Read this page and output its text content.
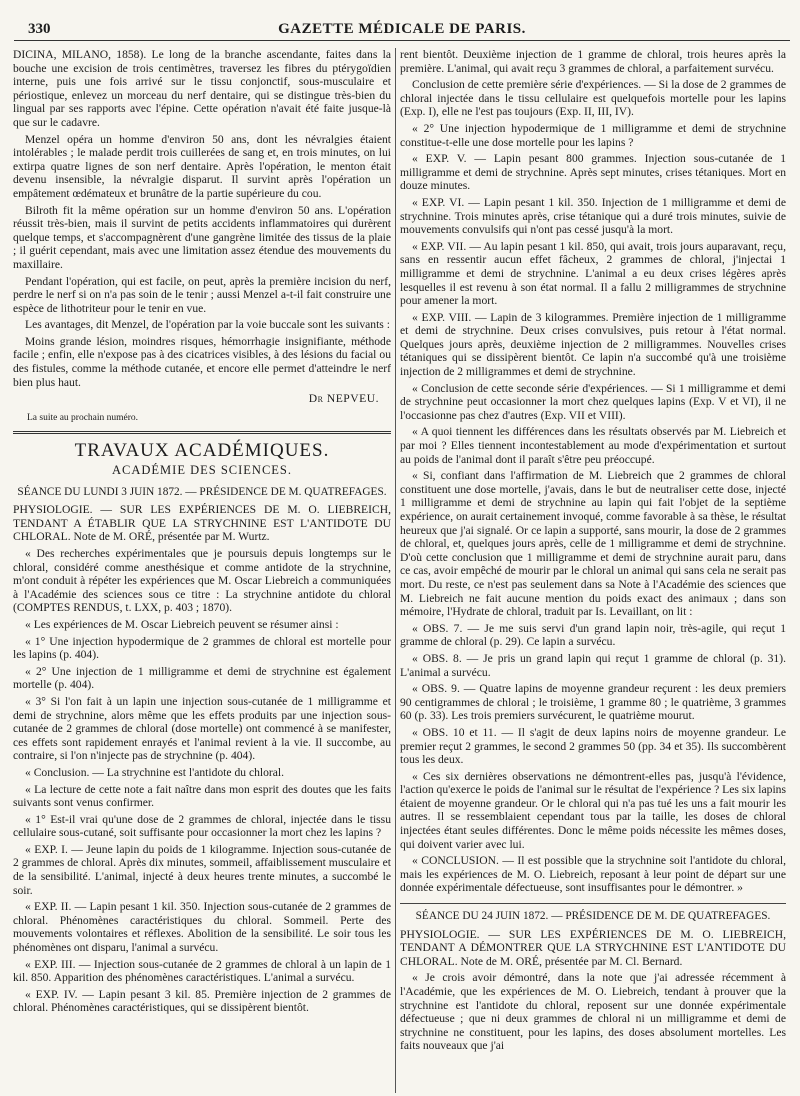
330	GAZETTE MÉDICALE DE PARIS.

DICINA, MILANO, 1858). Le long de la branche ascendante, faites dans la bouche une excision de trois centimètres, traversez les fibres du ptérygoïdien interne, puis une fois arrivé sur le tissu conjonctif, sous-musculaire et périostique, enlevez un morceau du nerf dentaire, qui se distingue très-bien du lingual par ses rapports avec l'épine. Cette opération n'avait été faite jusque-là que sur le cadavre.

Menzel opéra un homme d'environ 50 ans, dont les névralgies étaient intolérables ; le malade perdit trois cuillerées de sang et, en trois minutes, on lui extirpa quatre lignes de son nerf dentaire. Après l'opération, le menton était devenu insensible, la névralgie disparut. Il survint après l'opération un empâtement œdémateux et brunâtre de la partie supérieure du cou.

Bilroth fit la même opération sur un homme d'environ 50 ans. L'opération réussit très-bien, mais il survint de petits accidents inflammatoires qui durèrent quelque temps, et s'accompagnèrent d'une gangrène limitée des tissus de la plaie ; il guérit cependant, mais avec une limitation assez étendue des mouvements du maxillaire.

Pendant l'opération, qui est facile, on peut, après la première incision du nerf, perdre le nerf si on n'a pas soin de le tenir ; aussi Menzel a-t-il fait construire une espèce de lithotriteur pour le tenir en vue.

Les avantages, dit Menzel, de l'opération par la voie buccale sont les suivants :

Moins grande lésion, moindres risques, hémorrhagie insignifiante, méthode facile ; enfin, elle n'expose pas à des cicatrices visibles, à des lésions du facial ou des fistules, comme la méthode cutanée, et encore elle permet d'atteindre le nerf bien plus haut.

Dr NEPVEU.

La suite au prochain numéro.

TRAVAUX ACADÉMIQUES.

ACADÉMIE DES SCIENCES.

SÉANCE DU LUNDI 3 JUIN 1872. — PRÉSIDENCE DE M. QUATREFAGES.

PHYSIOLOGIE. — SUR LES EXPÉRIENCES DE M. O. LIEBREICH, TENDANT A ÉTABLIR QUE LA STRYCHNINE EST L'ANTIDOTE DU CHLORAL. Note de M. ORÉ, présentée par M. Wurtz.

« Des recherches expérimentales que je poursuis depuis longtemps sur le chloral, considéré comme anesthésique et comme antidote de la strychnine, m'ont conduit à répéter les expériences que M. Oscar Liebreich a communiquées à l'Académie des sciences sous ce titre : La strychnine antidote du chloral (COMPTES RENDUS, t. LXX, p. 403 ; 1870).

« Les expériences de M. Oscar Liebreich peuvent se résumer ainsi :

« 1° Une injection hypodermique de 2 grammes de chloral est mortelle pour les lapins (p. 404).

« 2° Une injection de 1 milligramme et demi de strychnine est également mortelle (p. 404).

« 3° Si l'on fait à un lapin une injection sous-cutanée de 1 milligramme et demi de strychnine, alors même que les effets produits par une injection sous-cutanée de 2 grammes de chloral (dose mortelle) ont commencé à se manifester, ces effets sont rapidement enrayés et l'animal revient à la vie. Il succombe, au contraire, si l'on n'injecte pas de strychnine (p. 404).

« Conclusion. — La strychnine est l'antidote du chloral.

« La lecture de cette note a fait naître dans mon esprit des doutes que les faits suivants sont venus confirmer.

« 1° Est-il vrai qu'une dose de 2 grammes de chloral, injectée dans le tissu cellulaire sous-cutané, soit suffisante pour occasionner la mort chez les lapins ?

« EXP. I. — Jeune lapin du poids de 1 kilogramme. Injection sous-cutanée de 2 grammes de chloral. Après dix minutes, sommeil, affaiblissement musculaire et de la sensibilité. L'animal, injecté à deux heures trente minutes, a succombé le soir.

« EXP. II. — Lapin pesant 1 kil. 350. Injection sous-cutanée de 2 grammes de chloral. Phénomènes caractéristiques du chloral. Sommeil. Perte des mouvements volontaires et réflexes. Abolition de la sensibilité. Le soir tous les phénomènes ont disparu, l'animal a survécu.

« EXP. III. — Injection sous-cutanée de 2 grammes de chloral à un lapin de 1 kil. 850. Apparition des phénomènes caractéristiques. L'animal a survécu.

« EXP. IV. — Lapin pesant 3 kil. 85. Première injection de 2 grammes de chloral. Phénomènes caractéristiques, qui se dissipèrent bientôt.

rent bientôt. Deuxième injection de 1 gramme de chloral, trois heures après la première. L'animal, qui avait reçu 3 grammes de chloral, a parfaitement survécu.

Conclusion de cette première série d'expériences. — Si la dose de 2 grammes de chloral injectée dans le tissu cellulaire est quelquefois mortelle pour les lapins (Exp. I), elle ne l'est pas toujours (Exp. II, III, IV).

« 2° Une injection hypodermique de 1 milligramme et demi de strychnine constitue-t-elle une dose mortelle pour les lapins ?

« EXP. V. — Lapin pesant 800 grammes. Injection sous-cutanée de 1 milligramme et demi de strychnine. Après sept minutes, crises tétaniques. Mort en douze minutes.

« EXP. VI. — Lapin pesant 1 kil. 350. Injection de 1 milligramme et demi de strychnine. Trois minutes après, crise tétanique qui a duré trois minutes, suivie de mouvements convulsifs qui n'ont pas cessé jusqu'à la mort.

« EXP. VII. — Au lapin pesant 1 kil. 850, qui avait, trois jours auparavant, reçu, sans en ressentir aucun effet fâcheux, 2 grammes de chloral, j'injectai 1 milligramme et demi de strychnine. L'animal a eu deux crises légères après lesquelles il est revenu à son état normal. Il a fallu 2 milligrammes de strychnine pour amener la mort.

« EXP. VIII. — Lapin de 3 kilogrammes. Première injection de 1 milligramme et demi de strychnine. Deux crises convulsives, puis retour à l'état normal. Quelques jours après, deuxième injection de 2 milligrammes. Nouvelles crises tétaniques qui se dissipèrent bientôt. Ce lapin n'a succombé qu'à une troisième injection de 2 milligrammes et demi de strychnine.

« Conclusion de cette seconde série d'expériences. — Si 1 milligramme et demi de strychnine peut occasionner la mort chez quelques lapins (Exp. V et VI), il ne l'occasionne pas chez d'autres (Exp. VII et VIII).

« A quoi tiennent les différences dans les résultats observés par M. Liebreich et par moi ? Elles tiennent incontestablement au mode d'expérimentation et surtout au poids de l'animal dont il paraît s'être peu préoccupé.

« Si, confiant dans l'affirmation de M. Liebreich que 2 grammes de chloral constituent une dose mortelle, j'avais, dans le but de neutraliser cette dose, injecté 1 milligramme et demi de strychnine au lapin qui fait l'objet de la septième expérience, on aurait certainement invoqué, comme favorable à sa thèse, le résultat heureux que j'ai signalé. Or ce lapin a supporté, sans mourir, la dose de 2 grammes de chloral, et, quelques jours après, celle de 1 milligramme et demi de strychnine. D'où cette conclusion que 1 milligramme et demi de strychnine aurait paru, dans ce cas, avoir empêché de mourir par le chloral un animal qui sans cela ne serait pas mort. Du reste, ce n'est pas seulement dans sa Note à l'Académie des sciences que M. Liebreich ne fait aucune mention du poids exact des animaux ; dans son mémoire, l'Hydrate de chloral, traduit par Is. Levaillant, on lit :

« OBS. 7. — Je me suis servi d'un grand lapin noir, très-agile, qui reçut 1 gramme de chloral (p. 29). Ce lapin a survécu.

« OBS. 8. — Je pris un grand lapin qui reçut 1 gramme de chloral (p. 31). L'animal a survécu.

« OBS. 9. — Quatre lapins de moyenne grandeur reçurent : les deux premiers 90 centigrammes de chloral ; le troisième, 1 gramme 80 ; le quatrième, 3 grammes 60 (p. 33). Les trois premiers survécurent, le quatrième mourut.

« OBS. 10 et 11. — Il s'agit de deux lapins noirs de moyenne grandeur. Le premier reçut 2 grammes, le second 2 grammes 50 (pp. 34 et 35). Ils succombèrent tous les deux.

« Ces six dernières observations ne démontrent-elles pas, jusqu'à l'évidence, l'action qu'exerce le poids de l'animal sur le résultat de l'expérience ? Les six lapins étaient de moyenne grandeur. Or le chloral qui n'a pas tué les uns a fait mourir les autres. Il se ressemblaient cependant tous par la taille, les doses de chloral injectées étant seules différentes. Donc le même poids nécessite les mêmes doses, qui doivent varier avec lui.

« CONCLUSION. — Il est possible que la strychnine soit l'antidote du chloral, mais les expériences de M. O. Liebreich, reposant à leur point de départ sur une donnée expérimentale défectueuse, sont insuffisantes pour le démontrer. »

SÉANCE DU 24 JUIN 1872. — PRÉSIDENCE DE M. DE QUATREFAGES.

PHYSIOLOGIE. — SUR LES EXPÉRIENCES DE M. O. LIEBREICH, TENDANT A DÉMONTRER QUE LA STRYCHNINE EST L'ANTIDOTE DU CHLORAL. Note de M. ORÉ, présentée par M. Cl. Bernard.

« Je crois avoir démontré, dans la note que j'ai adressée récemment à l'Académie, que les expériences de M. O. Liebreich, tendant à prouver que la strychnine est l'antidote du chloral, reposent sur une donnée expérimentale défectueuse ; que ni deux grammes de chloral ni un milligramme et demi de strychnine ne constituent, pour les lapins, des doses absolument mortelles. Les faits nouveaux que j'ai
